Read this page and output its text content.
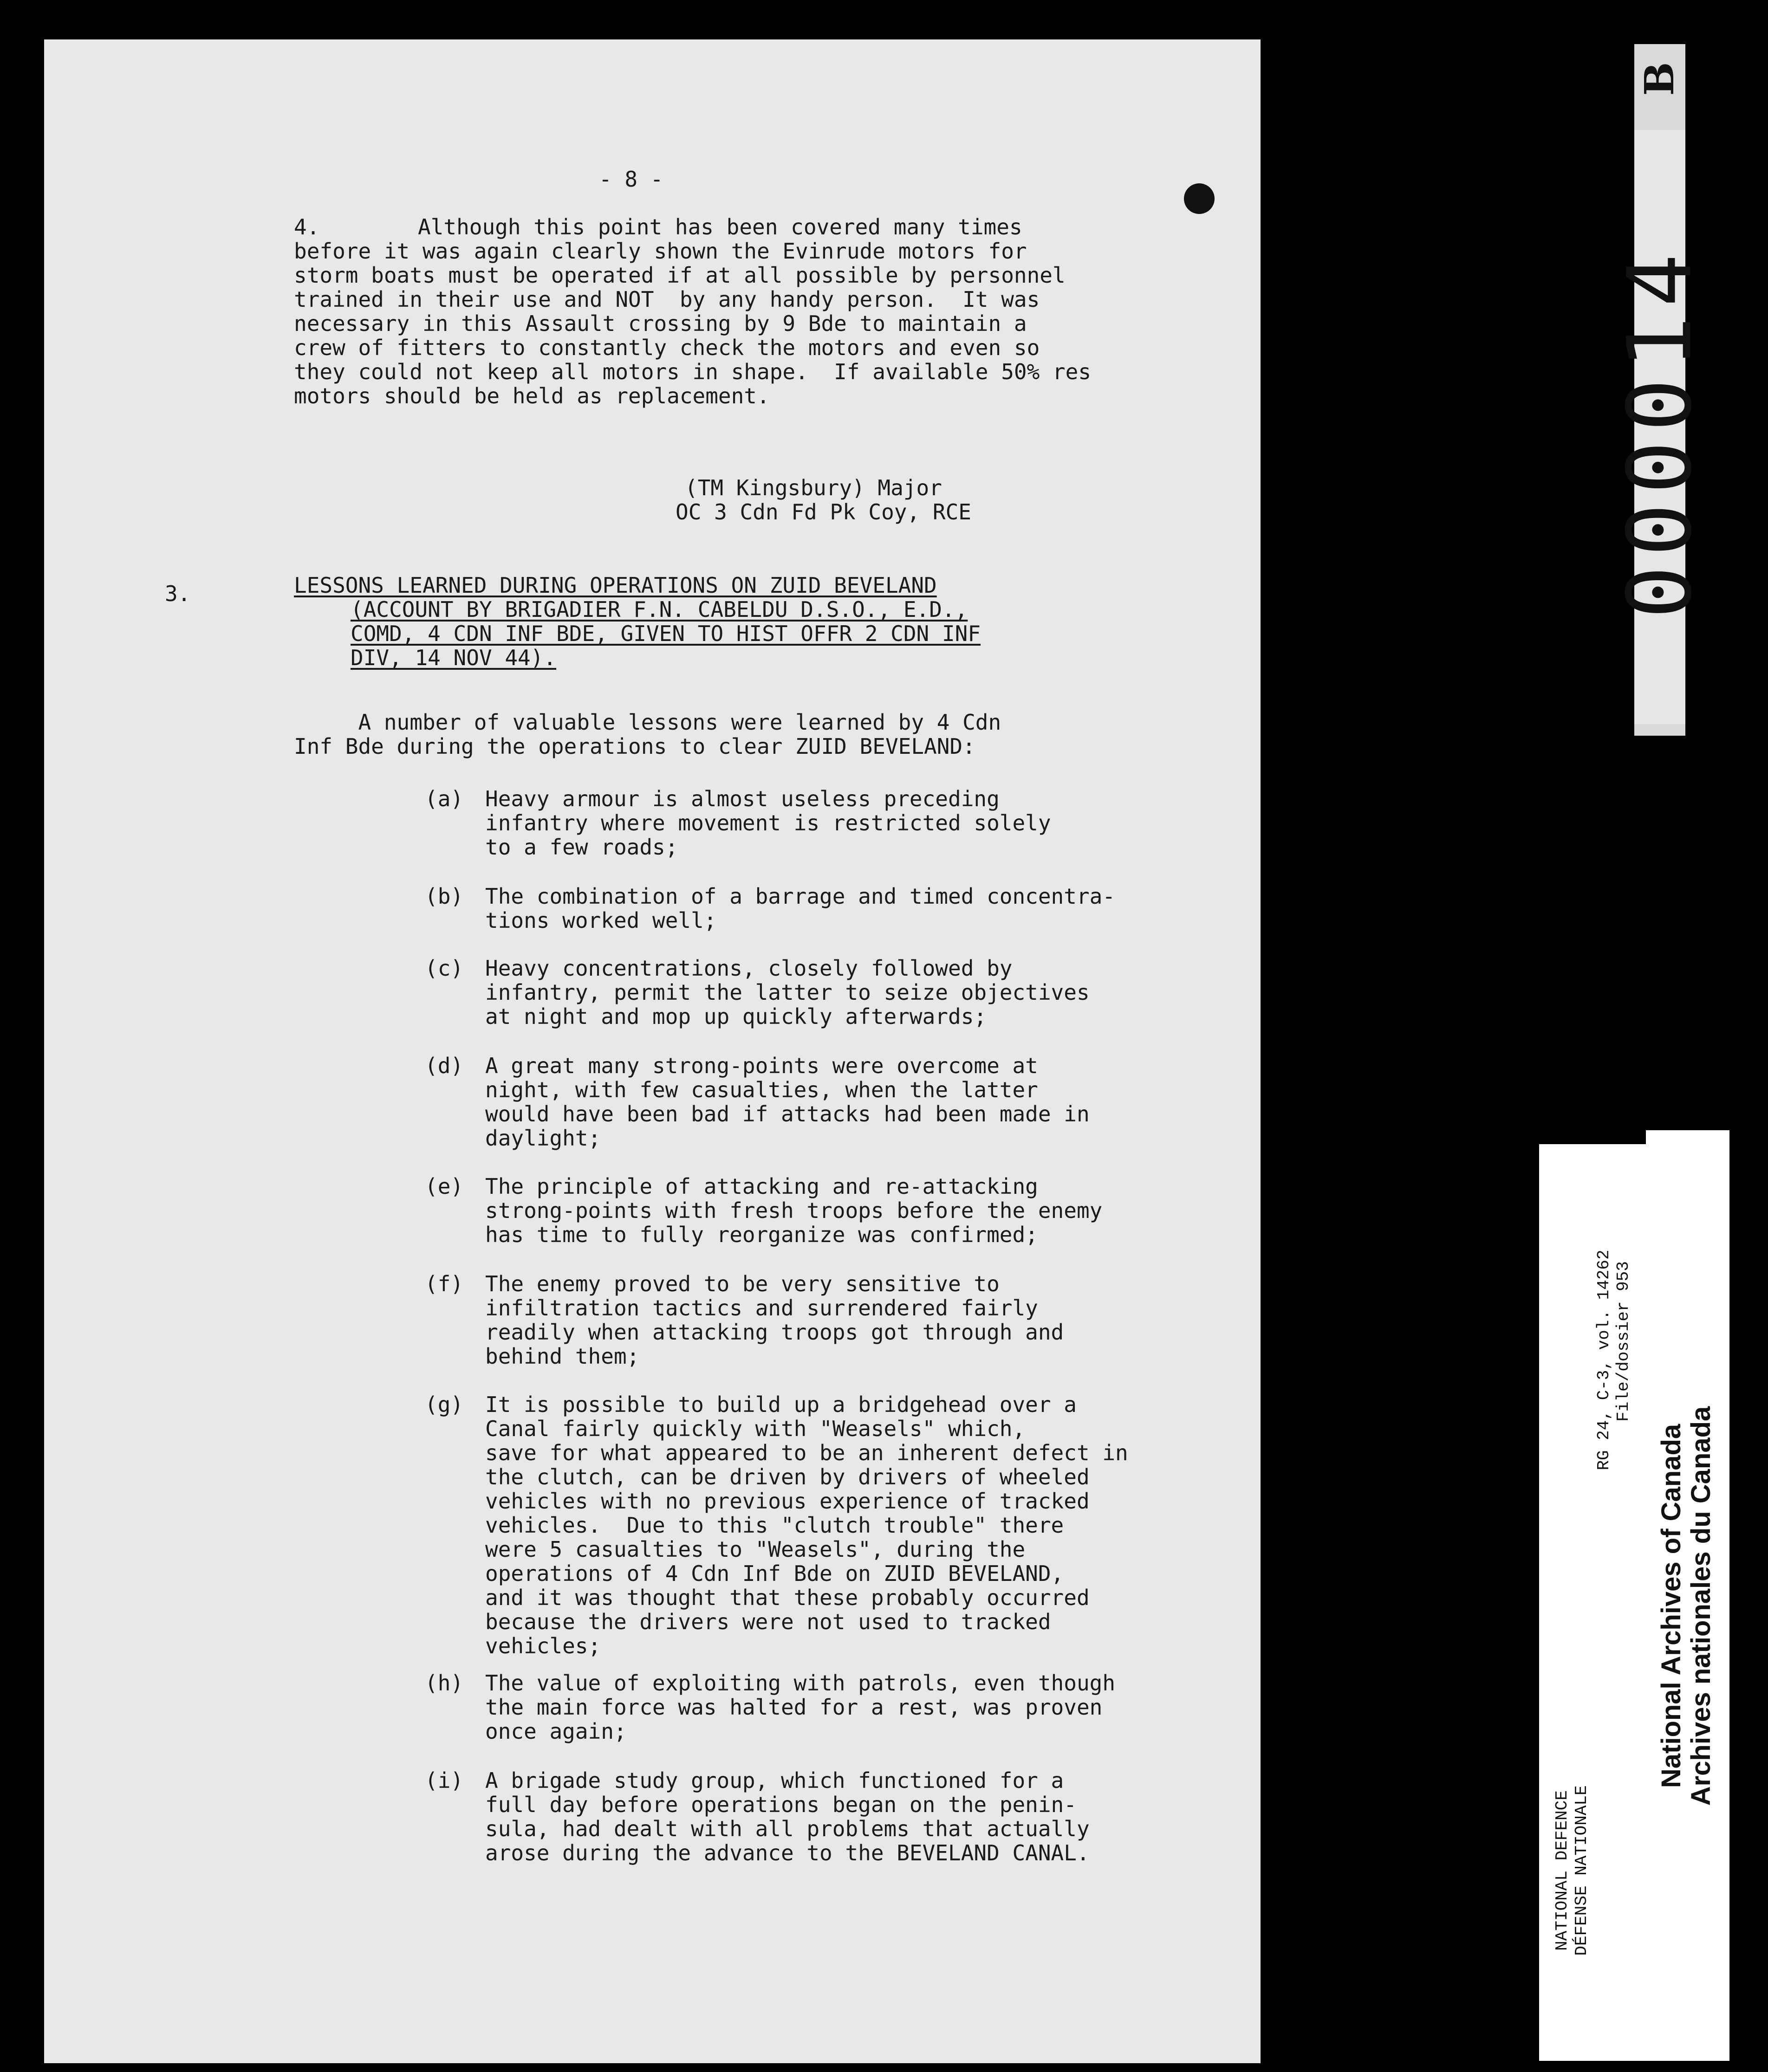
- 8 -
4.	Although this point has been covered many times
before it was again clearly shown the Evinrude motors for
storm boats must be operated if at all possible by personnel
trained in their use and NOT  by any handy person.  It was
necessary in this Assault crossing by 9 Bde to maintain a
crew of fitters to constantly check the motors and even so
they could not keep all motors in shape.  If available 50% res
motors should be held as replacement.
(TM Kingsbury) Major
OC 3 Cdn Fd Pk Coy, RCE
3.	LESSONS LEARNED DURING OPERATIONS ON ZUID BEVELAND
(ACCOUNT BY BRIGADIER F.N. CABELDU D.S.O., E.D.,
COMD, 4 CDN INF BDE, GIVEN TO HIST OFFR 2 CDN INF
DIV, 14 NOV 44).
A number of valuable lessons were learned by 4 Cdn
Inf Bde during the operations to clear ZUID BEVELAND:
(a) Heavy armour is almost useless preceding
infantry where movement is restricted solely
to a few roads;
(b) The combination of a barrage and timed concentra-
tions worked well;
(c) Heavy concentrations, closely followed by
infantry, permit the latter to seize objectives
at night and mop up quickly afterwards;
(d) A great many strong-points were overcome at
night, with few casualties, when the latter
would have been bad if attacks had been made in
daylight;
(e) The principle of attacking and re-attacking
strong-points with fresh troops before the enemy
has time to fully reorganize was confirmed;
(f) The enemy proved to be very sensitive to
infiltration tactics and surrendered fairly
readily when attacking troops got through and
behind them;
(g) It is possible to build up a bridgehead over a
Canal fairly quickly with "Weasels" which,
save for what appeared to be an inherent defect in
the clutch, can be driven by drivers of wheeled
vehicles with no previous experience of tracked
vehicles.  Due to this "clutch trouble" there
were 5 casualties to "Weasels", during the
operations of 4 Cdn Inf Bde on ZUID BEVELAND,
and it was thought that these probably occurred
because the drivers were not used to tracked
vehicles;
(h) The value of exploiting with patrols, even though
the main force was halted for a rest, was proven
once again;
(i) A brigade study group, which functioned for a
full day before operations began on the penin-
sula, had dealt with all problems that actually
arose during the advance to the BEVELAND CANAL.
B
000014
NATIONAL DEFENCE DÉFENSE NATIONALE
RG 24, C-3, vol. 14262 File/dossier 953
National Archives of Canada Archives nationales du Canada
